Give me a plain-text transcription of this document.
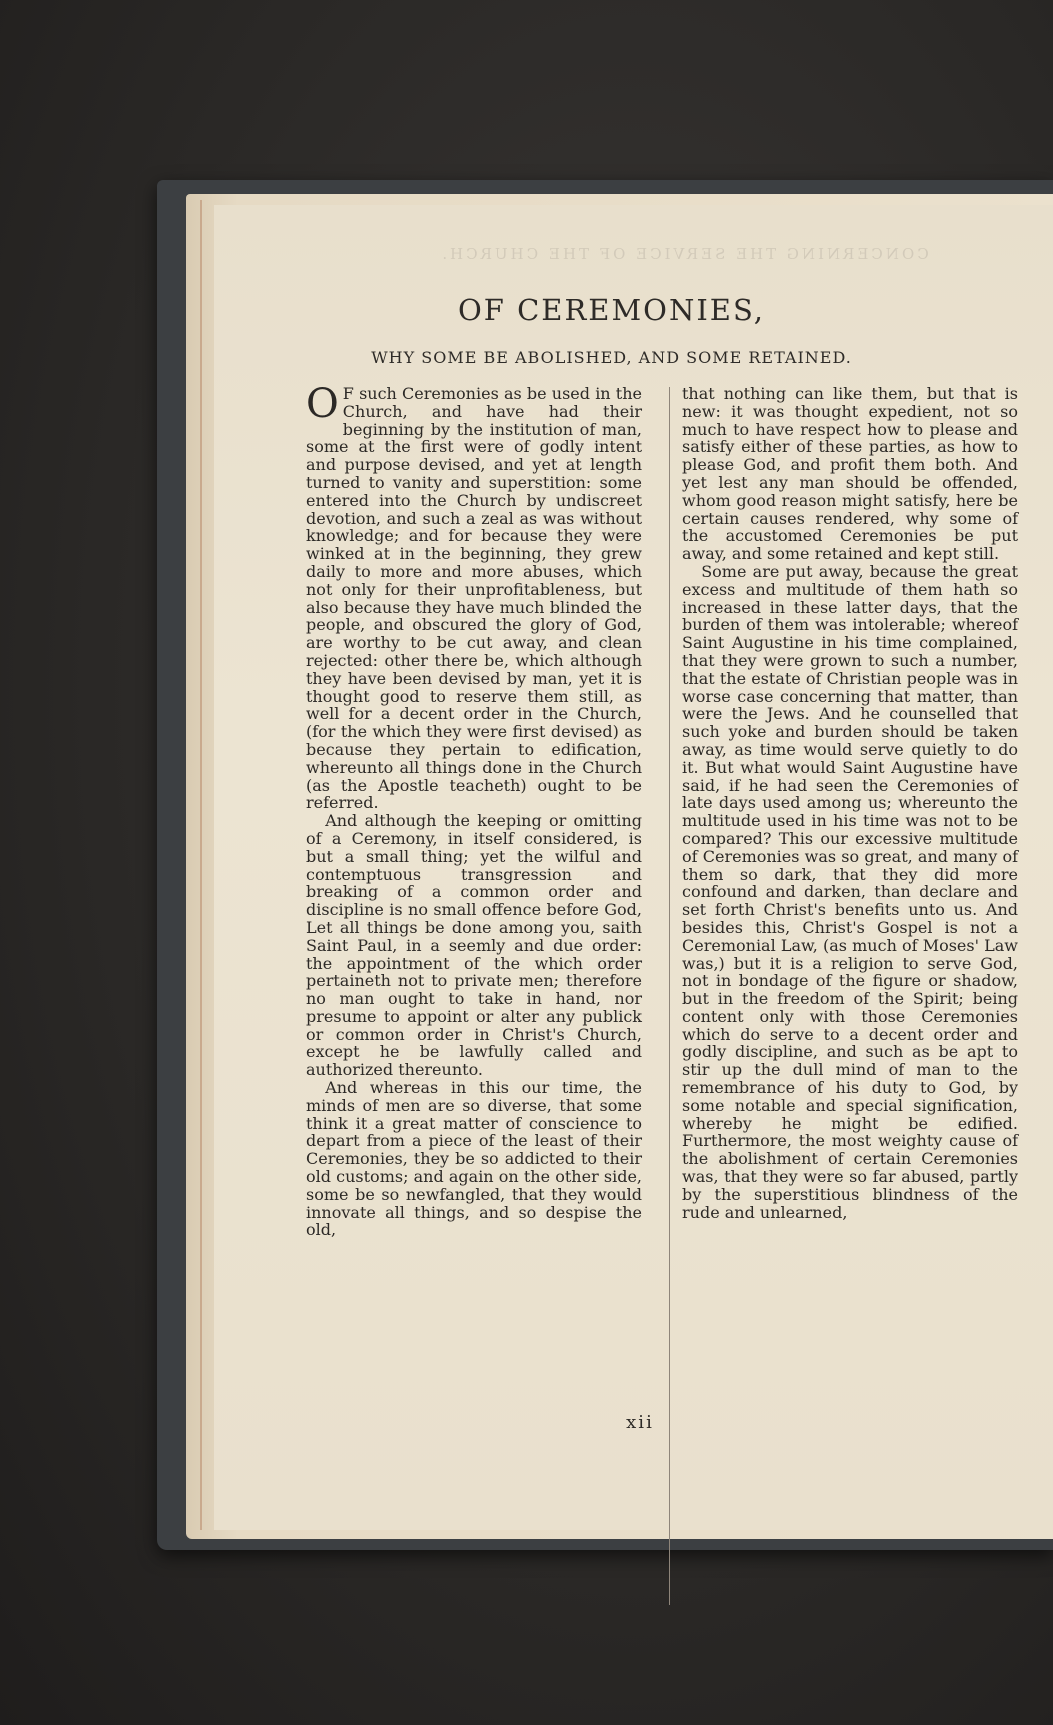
CONCERNING THE SERVICE OF THE CHURCH.
OF CEREMONIES,
WHY SOME BE ABOLISHED, AND SOME RETAINED.

O F such Ceremonies as be used in the Church, and have had their beginning by the institution of man, some at the first were of godly intent and purpose devised, and yet at length turned to vanity and superstition: some entered into the Church by undiscreet devotion, and such a zeal as was without knowledge; and for because they were winked at in the beginning, they grew daily to more and more abuses, which not only for their unprofitableness, but also because they have much blinded the people, and obscured the glory of God, are worthy to be cut away, and clean rejected: other there be, which although they have been devised by man, yet it is thought good to reserve them still, as well for a decent order in the Church, (for the which they were first devised) as because they pertain to edification, whereunto all things done in the Church (as the Apostle teacheth) ought to be referred.

And although the keeping or omitting of a Ceremony, in itself considered, is but a small thing; yet the wilful and contemptuous transgression and breaking of a common order and discipline is no small offence before God, Let all things be done among you, saith Saint Paul, in a seemly and due order: the appointment of the which order pertaineth not to private men; therefore no man ought to take in hand, nor presume to appoint or alter any publick or common order in Christ's Church, except he be lawfully called and authorized thereunto.

And whereas in this our time, the minds of men are so diverse, that some think it a great matter of conscience to depart from a piece of the least of their Ceremonies, they be so addicted to their old customs; and again on the other side, some be so newfangled, that they would innovate all things, and so despise the old,

that nothing can like them, but that is new: it was thought expedient, not so much to have respect how to please and satisfy either of these parties, as how to please God, and profit them both. And yet lest any man should be offended, whom good reason might satisfy, here be certain causes rendered, why some of the accustomed Ceremonies be put away, and some retained and kept still.

Some are put away, because the great excess and multitude of them hath so increased in these latter days, that the burden of them was intolerable; whereof Saint Augustine in his time complained, that they were grown to such a number, that the estate of Christian people was in worse case concerning that matter, than were the Jews. And he counselled that such yoke and burden should be taken away, as time would serve quietly to do it. But what would Saint Augustine have said, if he had seen the Ceremonies of late days used among us; whereunto the multitude used in his time was not to be compared? This our excessive multitude of Ceremonies was so great, and many of them so dark, that they did more confound and darken, than declare and set forth Christ's benefits unto us. And besides this, Christ's Gospel is not a Ceremonial Law, (as much of Moses' Law was,) but it is a religion to serve God, not in bondage of the figure or shadow, but in the freedom of the Spirit; being content only with those Ceremonies which do serve to a decent order and godly discipline, and such as be apt to stir up the dull mind of man to the remembrance of his duty to God, by some notable and special signification, whereby he might be edified. Furthermore, the most weighty cause of the abolishment of certain Ceremonies was, that they were so far abused, partly by the superstitious blindness of the rude and unlearned,

xii
